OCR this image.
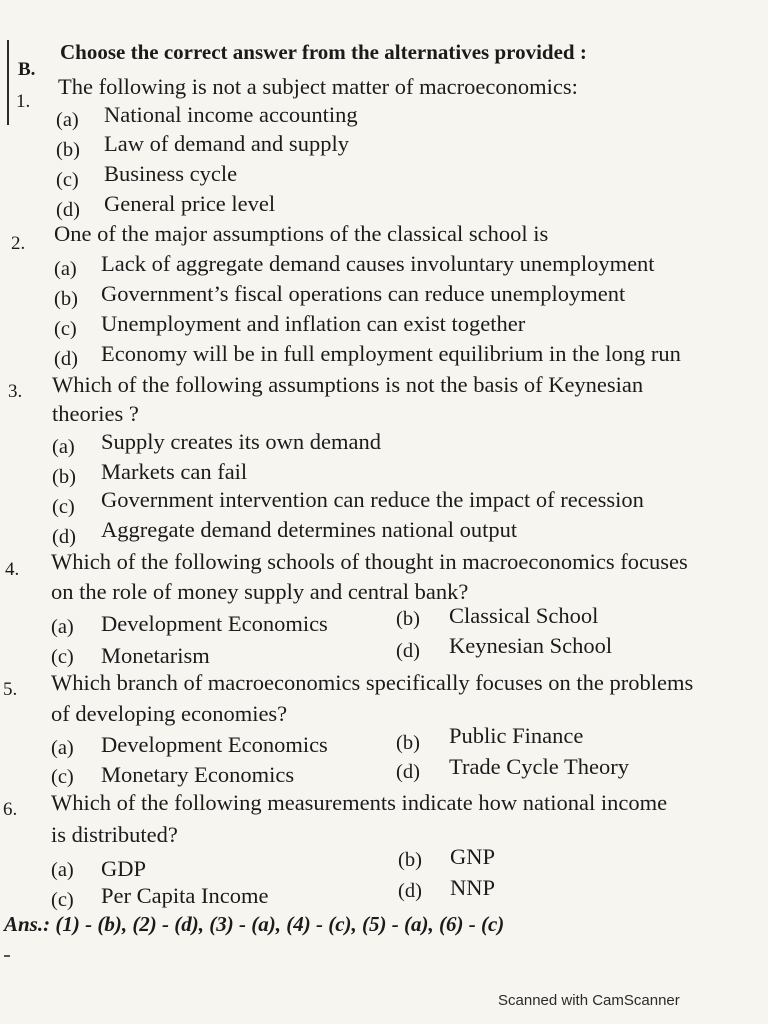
B.
Choose the correct answer from the alternatives provided :
1.
The following is not a subject matter of macroeconomics:
(a) National income accounting
(b) Law of demand and supply
(c) Business cycle
(d) General price level
2. One of the major assumptions of the classical school is
(a) Lack of aggregate demand causes involuntary unemployment
(b) Government’s fiscal operations can reduce unemployment
(c) Unemployment and inflation can exist together
(d) Economy will be in full employment equilibrium in the long run
3. Which of the following assumptions is not the basis of Keynesian
theories ?
(a) Supply creates its own demand
(b) Markets can fail
(c) Government intervention can reduce the impact of recession
(d) Aggregate demand determines national output
4. Which of the following schools of thought in macroeconomics focuses
on the role of money supply and central bank?
(a) Development Economics	(b) Classical School
(c) Monetarism	(d) Keynesian School
5. Which branch of macroeconomics specifically focuses on the problems
of developing economies?
(a) Development Economics	(b) Public Finance
(c) Monetary Economics	(d) Trade Cycle Theory
6. Which of the following measurements indicate how national income
is distributed?
(a) GDP	(b) GNP
(c) Per Capita Income	(d) NNP
Ans.: (1) - (b), (2) - (d), (3) - (a), (4) - (c), (5) - (a), (6) - (c)
Scanned with CamScanner
